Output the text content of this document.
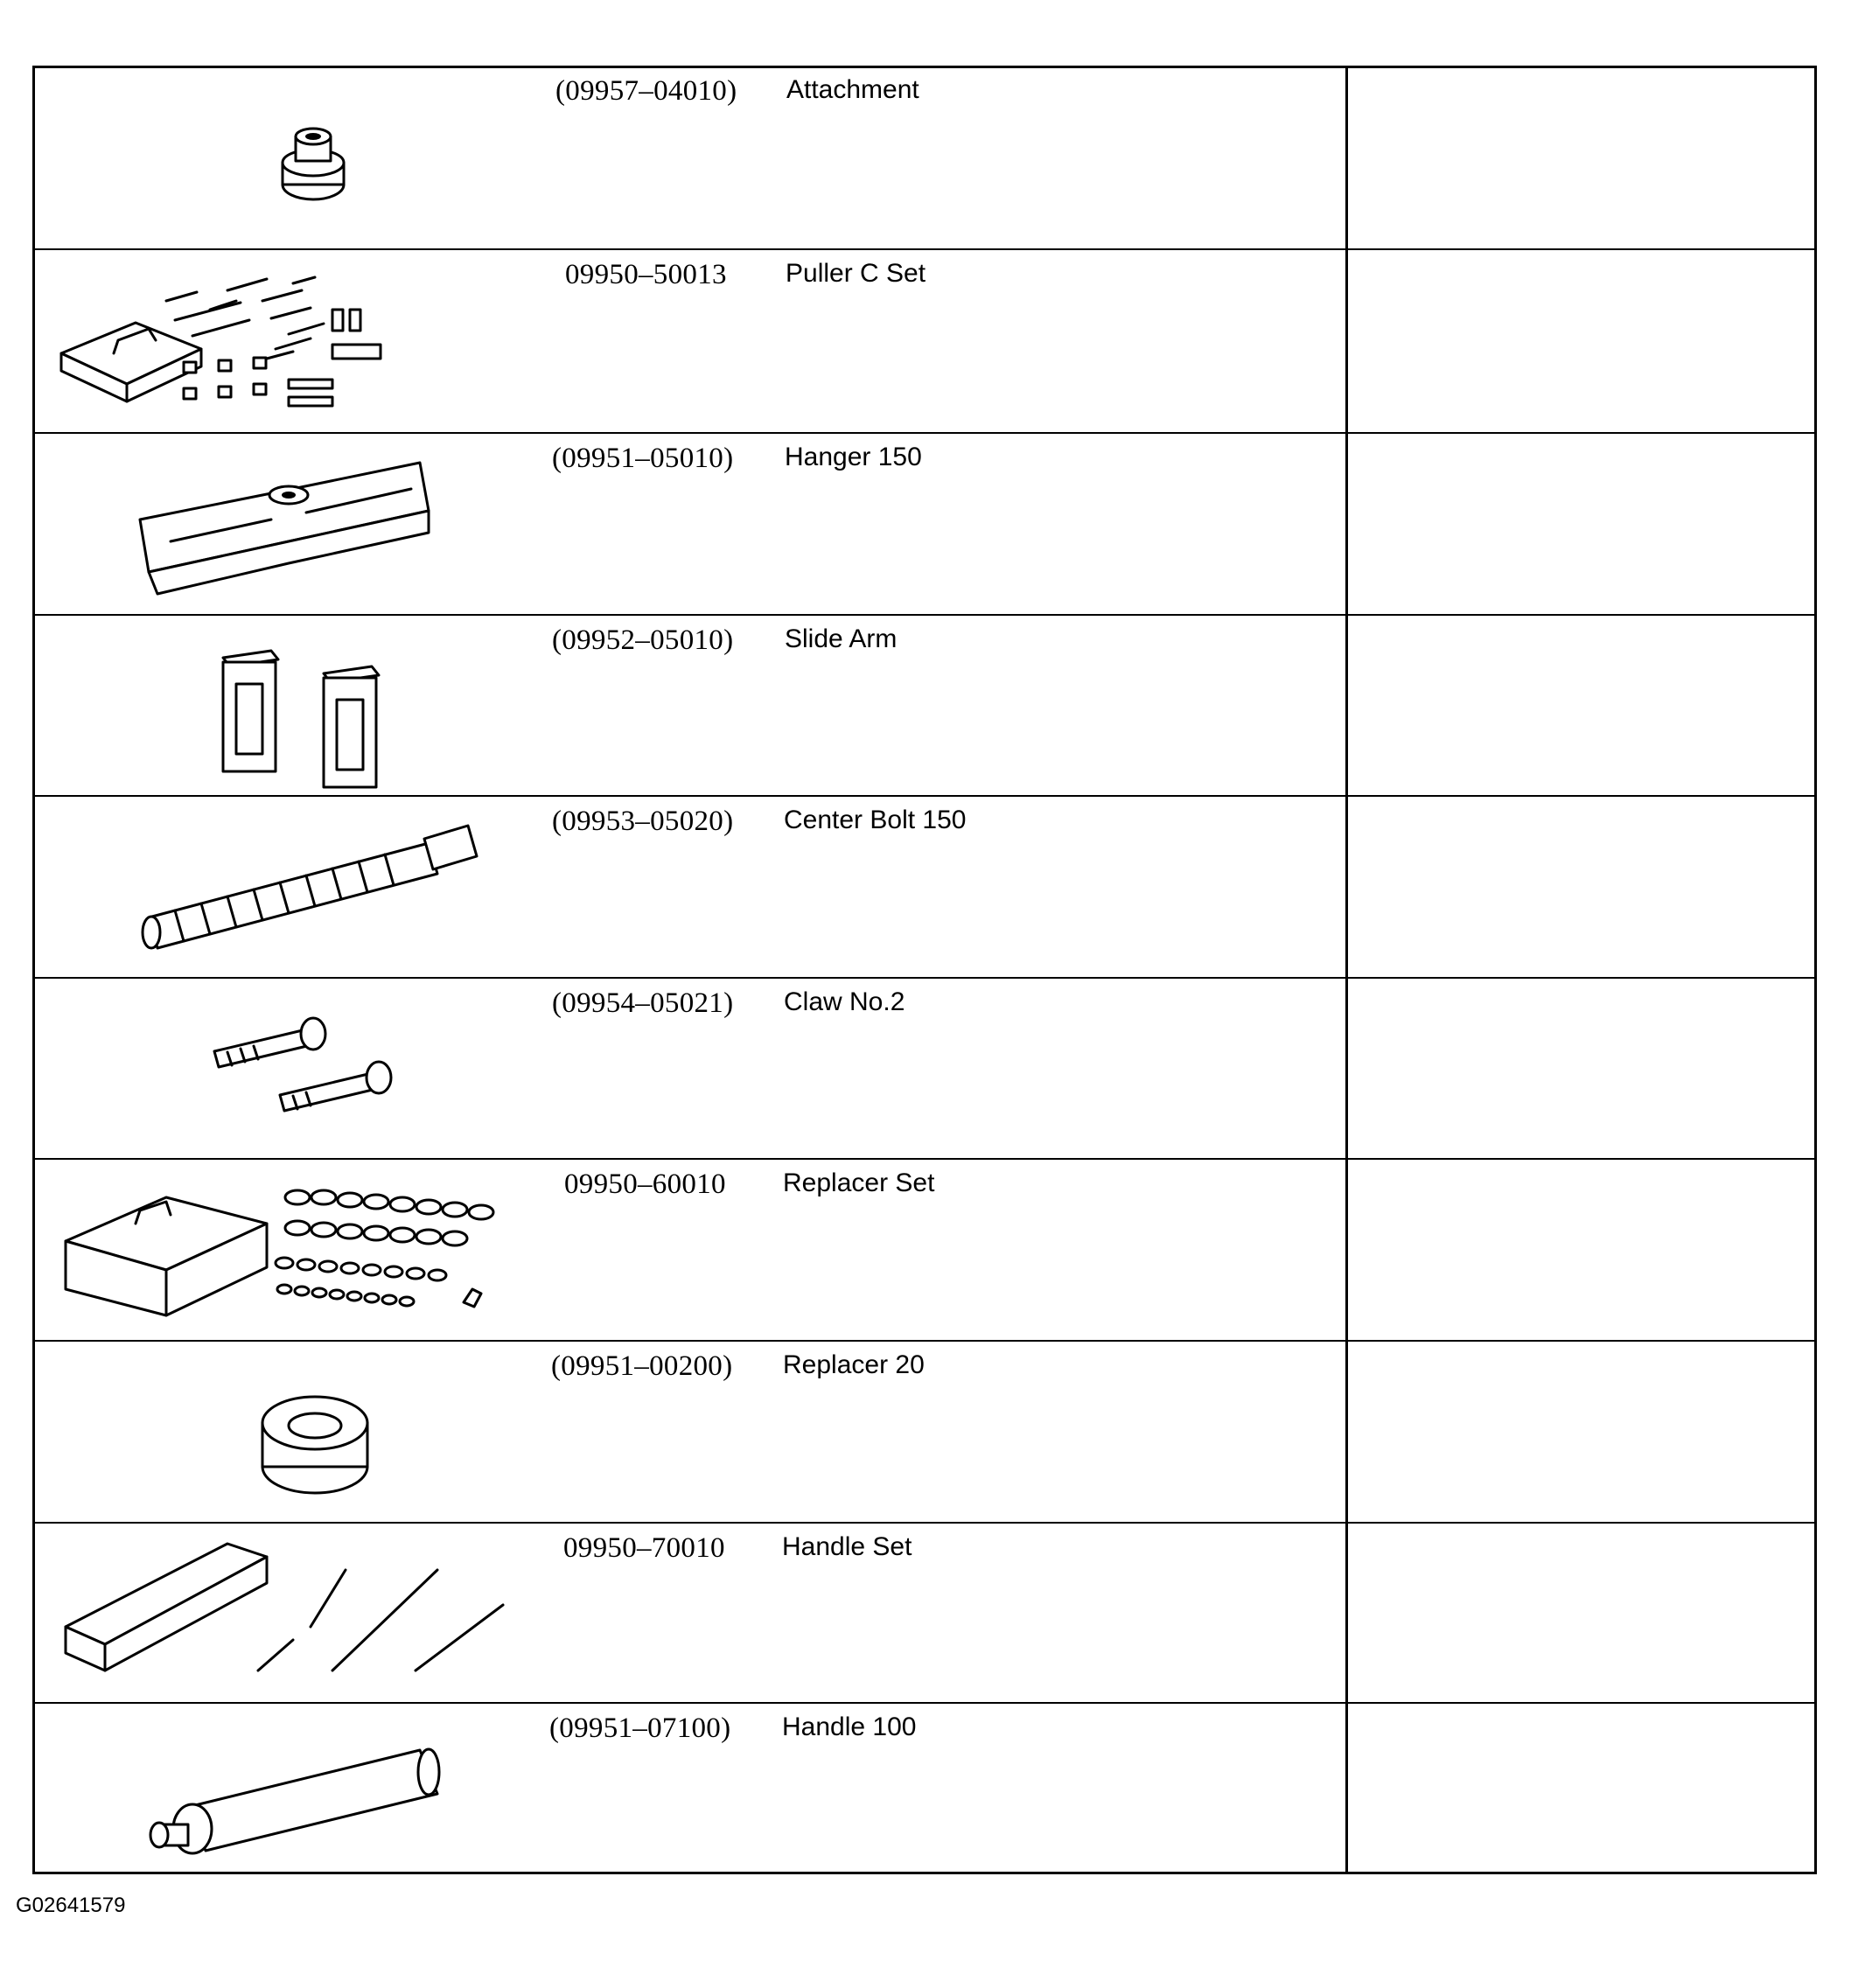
(09957–04010) Attachment
09950–50013 Puller C Set
(09951–05010) Hanger 150
(09952–05010) Slide Arm
(09953–05020) Center Bolt 150
(09954–05021) Claw No.2
09950–60010 Replacer Set
(09951–00200) Replacer 20
09950–70010 Handle Set
(09951–07100) Handle 100
G02641579
